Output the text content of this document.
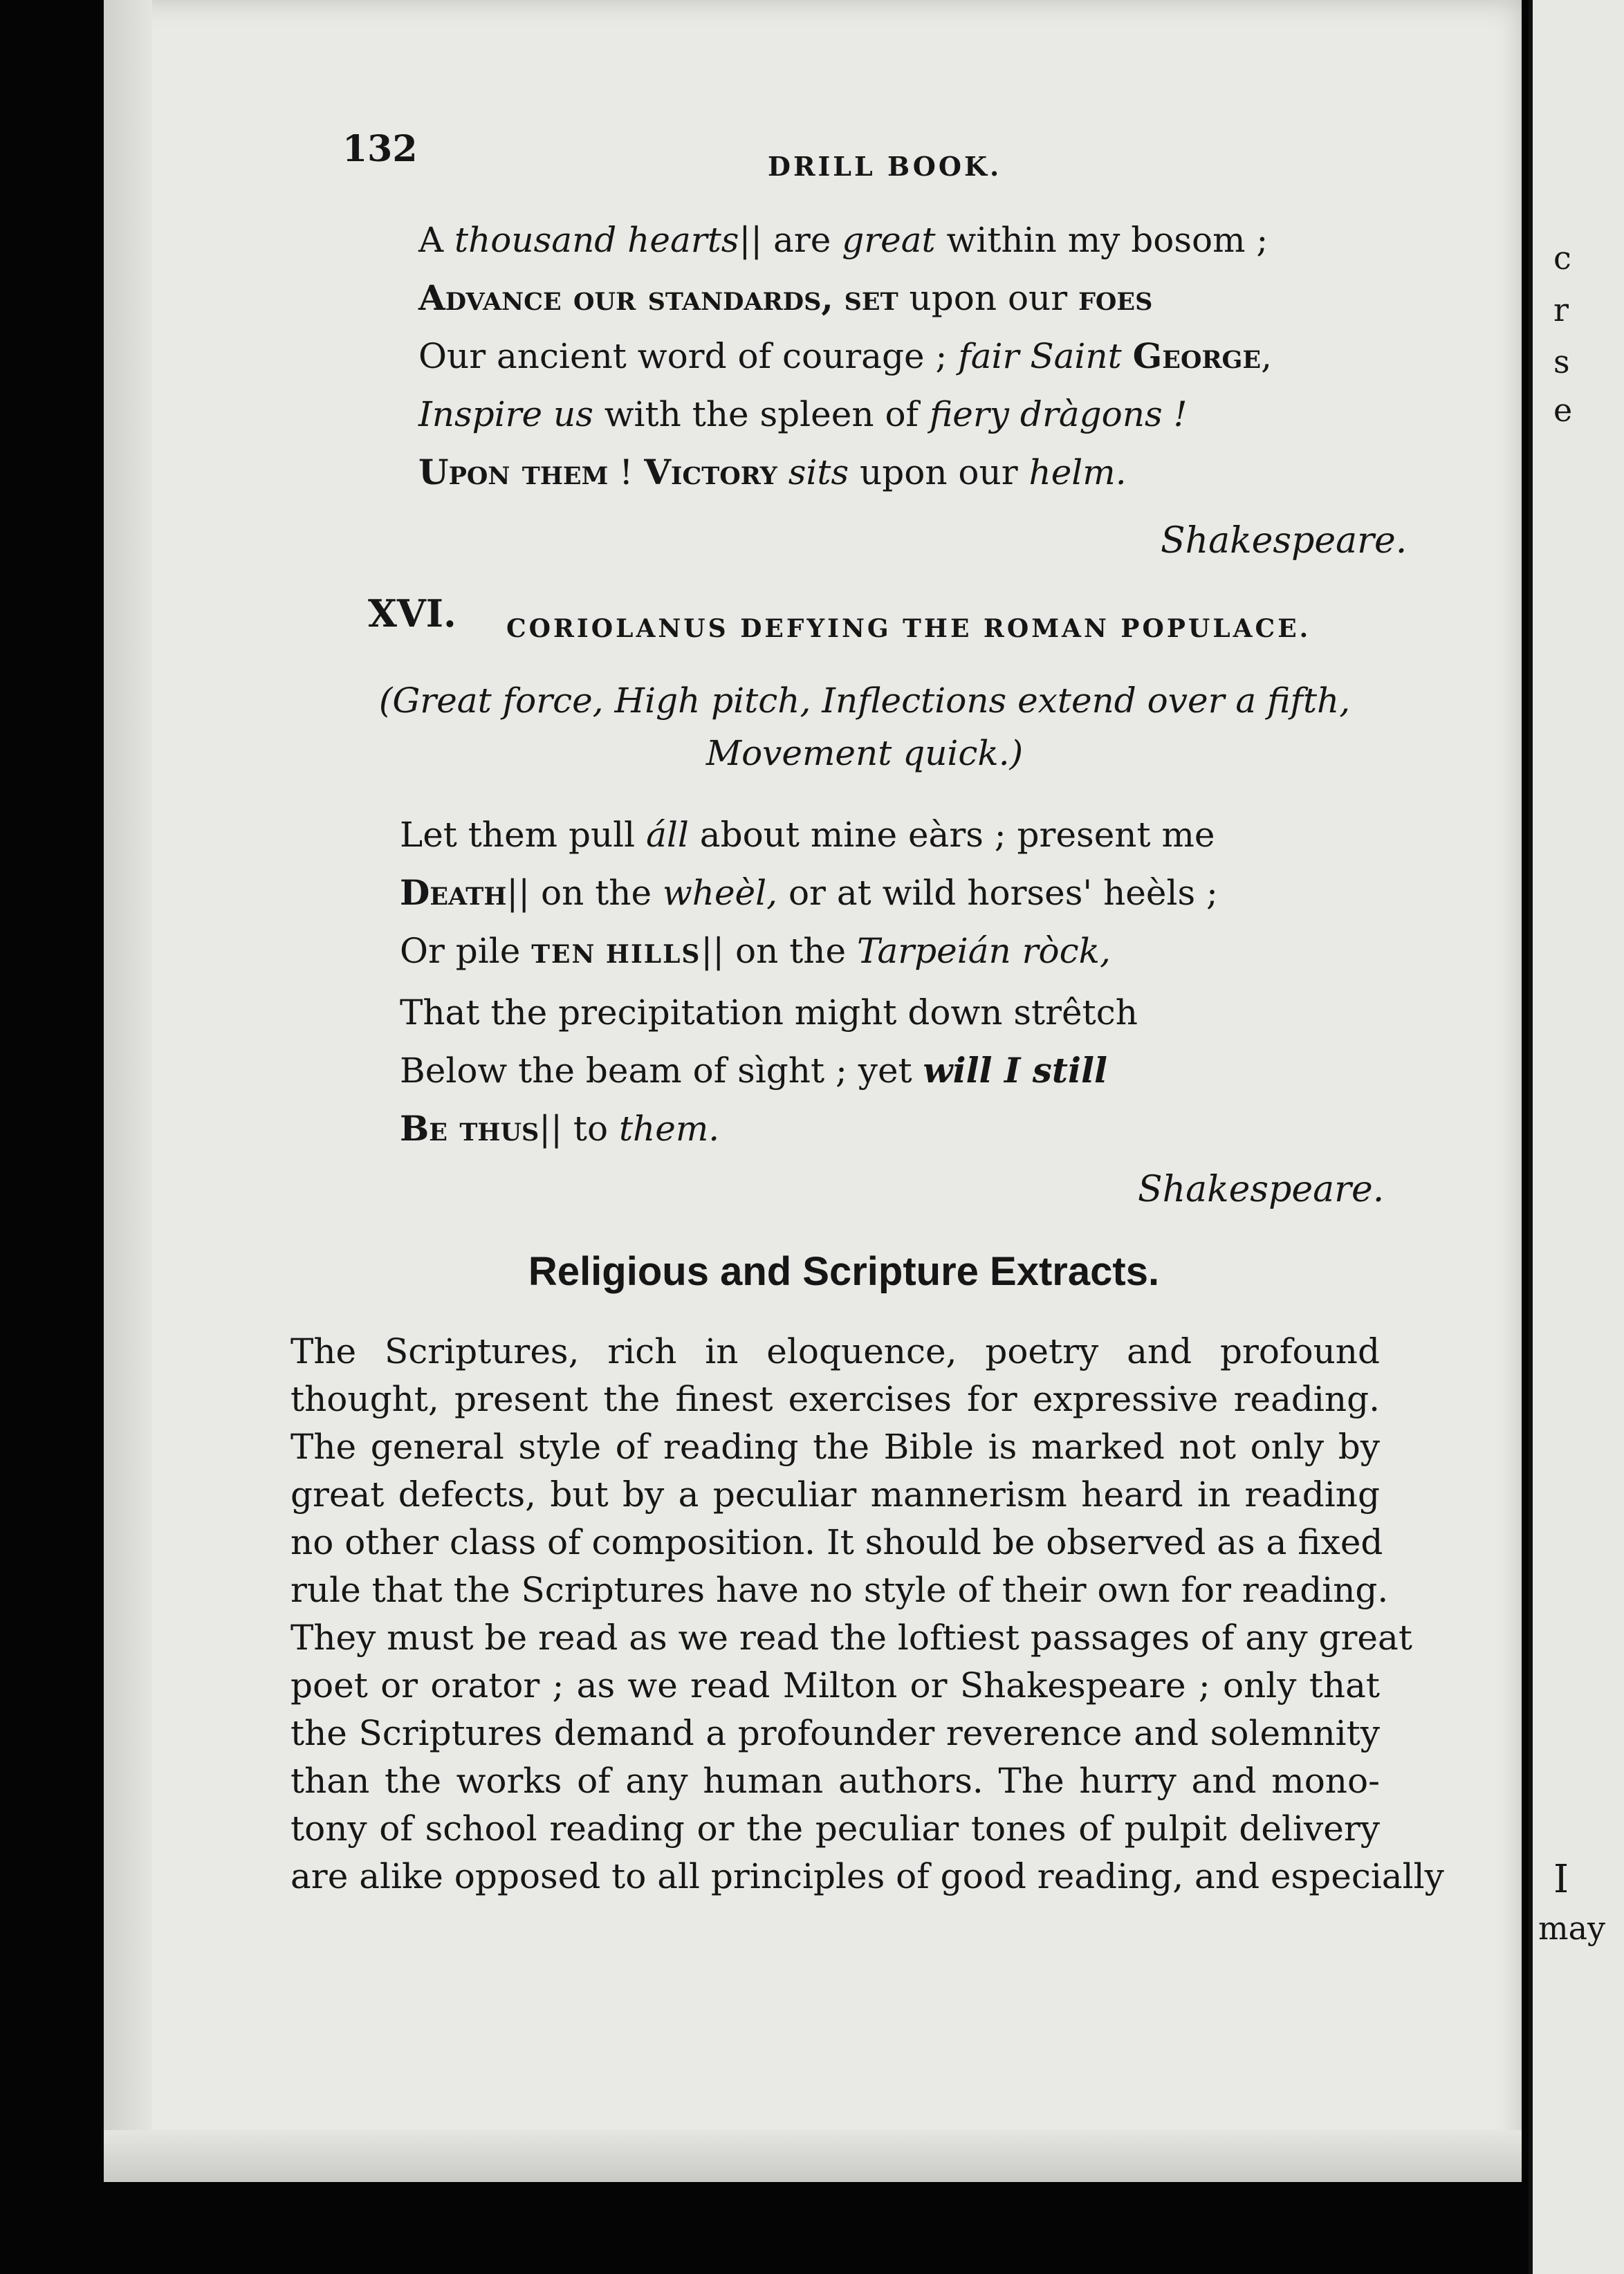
c
r
s
e
I
may
132	DRILL BOOK.
A thousand hearts|| are great within my bosom ;
Advance our standards, set upon our foes
Our ancient word of courage ; fair Saint George,
Inspire us with the spleen of fiery dràgons !
Upon them ! Victory sits upon our helm.
Shakespeare.
XVI. CORIOLANUS DEFYING THE ROMAN POPULACE.
(Great force, High pitch, Inflections extend over a fifth, Movement quick.)
Let them pull áll about mine eàrs ; present me
Death|| on the wheèl, or at wild horses' heèls ;
Or pile TEN HILLS|| on the Tarpeián ròck,
That the precipitation might down strêtch
Below the beam of sìght ; yet will I still
Be thus|| to them.
Shakespeare.
Religious and Scripture Extracts.
The Scriptures, rich in eloquence, poetry and profound
thought, present the finest exercises for expressive reading.
The general style of reading the Bible is marked not only by
great defects, but by a peculiar mannerism heard in reading
no other class of composition. It should be observed as a fixed
rule that the Scriptures have no style of their own for reading.
They must be read as we read the loftiest passages of any great
poet or orator ; as we read Milton or Shakespeare ; only that
the Scriptures demand a profounder reverence and solemnity
than the works of any human authors. The hurry and mono-
tony of school reading or the peculiar tones of pulpit delivery
are alike opposed to all principles of good reading, and especially
